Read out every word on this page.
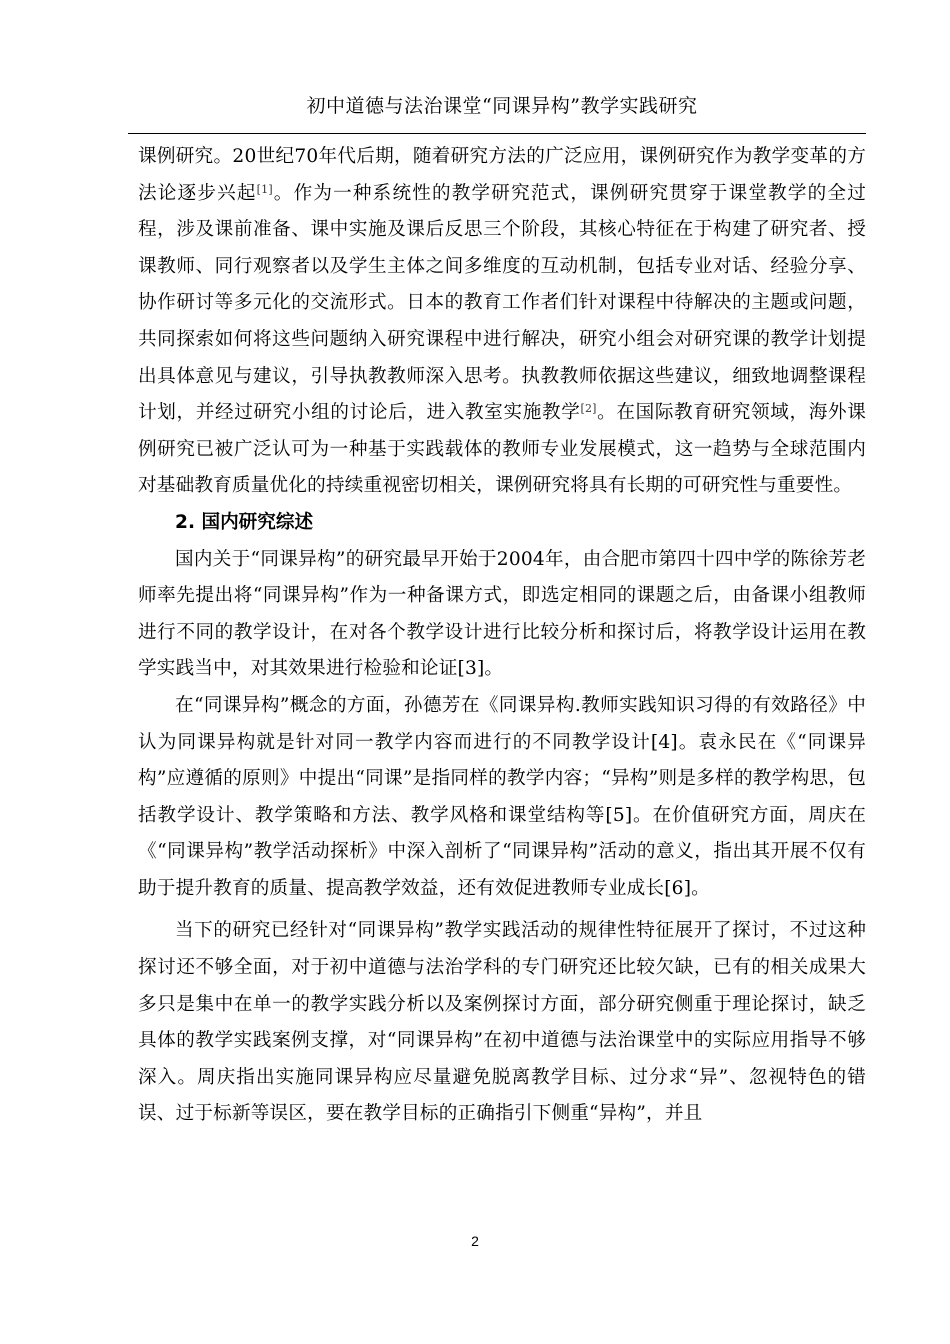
初中道德与法治课堂“同课异构”教学实践研究

课例研究。20世纪70年代后期，随着研究方法的广泛应用，课例研究作为教学变革的方法论逐步兴起[1]。作为一种系统性的教学研究范式，课例研究贯穿于课堂教学的全过程，涉及课前准备、课中实施及课后反思三个阶段，其核心特征在于构建了研究者、授课教师、同行观察者以及学生主体之间多维度的互动机制，包括专业对话、经验分享、协作研讨等多元化的交流形式。日本的教育工作者们针对课程中待解决的主题或问题，共同探索如何将这些问题纳入研究课程中进行解决，研究小组会对研究课的教学计划提出具体意见与建议，引导执教教师深入思考。执教教师依据这些建议，细致地调整课程计划，并经过研究小组的讨论后，进入教室实施教学[2]。在国际教育研究领域，海外课例研究已被广泛认可为一种基于实践载体的教师专业发展模式，这一趋势与全球范围内对基础教育质量优化的持续重视密切相关，课例研究将具有长期的可研究性与重要性。

2. 国内研究综述

国内关于“同课异构”的研究最早开始于2004年，由合肥市第四十四中学的陈徐芳老师率先提出将“同课异构”作为一种备课方式，即选定相同的课题之后，由备课小组教师进行不同的教学设计，在对各个教学设计进行比较分析和探讨后，将教学设计运用在教学实践当中，对其效果进行检验和论证[3]。

在“同课异构”概念的方面，孙德芳在《同课异构.教师实践知识习得的有效路径》中认为同课异构就是针对同一教学内容而进行的不同教学设计[4]。袁永民在《“同课异构”应遵循的原则》中提出“同课”是指同样的教学内容；“异构”则是多样的教学构思，包括教学设计、教学策略和方法、教学风格和课堂结构等[5]。在价值研究方面，周庆在《“同课异构”教学活动探析》中深入剖析了“同课异构”活动的意义，指出其开展不仅有助于提升教育的质量、提高教学效益，还有效促进教师专业成长[6]。

当下的研究已经针对“同课异构”教学实践活动的规律性特征展开了探讨，不过这种探讨还不够全面，对于初中道德与法治学科的专门研究还比较欠缺，已有的相关成果大多只是集中在单一的教学实践分析以及案例探讨方面，部分研究侧重于理论探讨，缺乏具体的教学实践案例支撑，对“同课异构”在初中道德与法治课堂中的实际应用指导不够深入。周庆指出实施同课异构应尽量避免脱离教学目标、过分求“异”、忽视特色的错误、过于标新等误区，要在教学目标的正确指引下侧重“异构”，并且

2
